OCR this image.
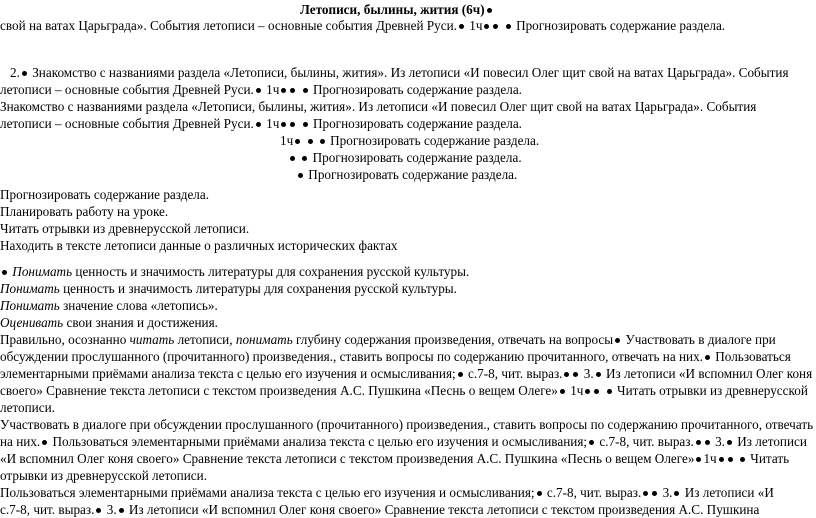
Летописи, былины, жития (6ч)
свой на ватах Царьграда». События летописи – основные события Древней Руси. 1ч	Прогнозировать содержание раздела.
2. Знакомство с названиями раздела «Летописи, былины, жития». Из летописи «И повесил Олег щит свой на ватах Царьграда». События
летописи – основные события Древней Руси. 1ч	Прогнозировать содержание раздела.
Знакомство с названиями раздела «Летописи, былины, жития». Из летописи «И повесил Олег щит свой на ватах Царьграда». События
летописи – основные события Древней Руси. 1ч	Прогнозировать содержание раздела.
1ч	Прогнозировать содержание раздела.
Прогнозировать содержание раздела.
Прогнозировать содержание раздела.
Прогнозировать содержание раздела.
Планировать работу на уроке.
Читать отрывки из древнерусской летописи.
Находить в тексте летописи данные о различных исторических фактах
Понимать ценность и значимость литературы для сохранения русской культуры.
Понимать ценность и значимость литературы для сохранения русской культуры.
Понимать значение слова «летопись».
Оценивать свои знания и достижения.
Правильно, осознанно читать летописи, понимать глубину содержания произведения, отвечать на вопросы Участвовать в диалоге при
обсуждении прослушанного (прочитанного) произведения., ставить вопросы по содержанию прочитанного, отвечать на них. Пользоваться
элементарными приёмами анализа текста с целью его изучения и осмысливания; с.7-8, чит. выраз. 3. Из летописи «И вспомнил Олег коня
своего» Сравнение текста летописи с текстом произведения А.С. Пушкина «Песнь о вещем Олеге» 1ч  Читать отрывки из древнерусской
летописи.
Участвовать в диалоге при обсуждении прослушанного (прочитанного) произведения., ставить вопросы по содержанию прочитанного, отвечать
на них. Пользоваться элементарными приёмами анализа текста с целью его изучения и осмысливания; с.7-8, чит. выраз. 3. Из летописи
«И вспомнил Олег коня своего» Сравнение текста летописи с текстом произведения А.С. Пушкина «Песнь о вещем Олеге» 1ч  Читать
отрывки из древнерусской летописи.
Пользоваться элементарными приёмами анализа текста с целью его изучения и осмысливания; с.7-8, чит. выраз. 3. Из летописи «И
с.7-8, чит. выраз. 3. Из летописи «И вспомнил Олег коня своего» Сравнение текста летописи с текстом произведения А.С. Пушкина
